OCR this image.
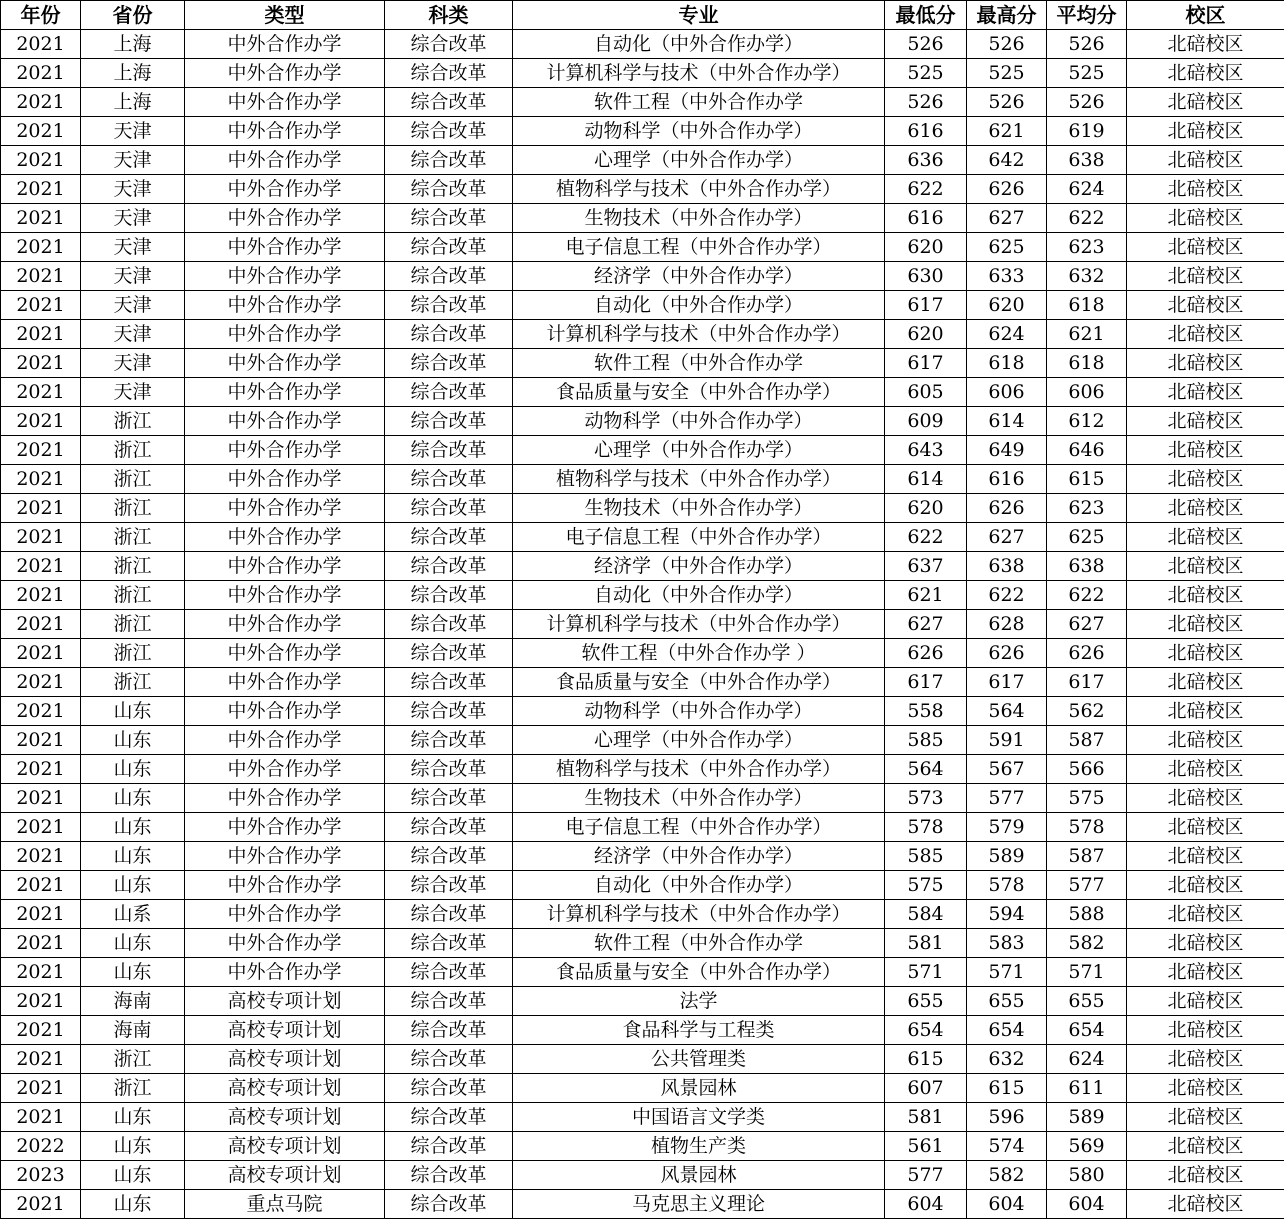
年份	省份	类型	科类	专业	最低分	最高分	平均分	校区
2021	上海	中外合作办学	综合改革	自动化（中外合作办学）	526	526	526	北碚校区
2021	上海	中外合作办学	综合改革	计算机科学与技术（中外合作办学）	525	525	525	北碚校区
2021	上海	中外合作办学	综合改革	软件工程（中外合作办学	526	526	526	北碚校区
2021	天津	中外合作办学	综合改革	动物科学（中外合作办学）	616	621	619	北碚校区
2021	天津	中外合作办学	综合改革	心理学（中外合作办学）	636	642	638	北碚校区
2021	天津	中外合作办学	综合改革	植物科学与技术（中外合作办学）	622	626	624	北碚校区
2021	天津	中外合作办学	综合改革	生物技术（中外合作办学）	616	627	622	北碚校区
2021	天津	中外合作办学	综合改革	电子信息工程（中外合作办学）	620	625	623	北碚校区
2021	天津	中外合作办学	综合改革	经济学（中外合作办学）	630	633	632	北碚校区
2021	天津	中外合作办学	综合改革	自动化（中外合作办学）	617	620	618	北碚校区
2021	天津	中外合作办学	综合改革	计算机科学与技术（中外合作办学）	620	624	621	北碚校区
2021	天津	中外合作办学	综合改革	软件工程（中外合作办学	617	618	618	北碚校区
2021	天津	中外合作办学	综合改革	食品质量与安全（中外合作办学）	605	606	606	北碚校区
2021	浙江	中外合作办学	综合改革	动物科学（中外合作办学）	609	614	612	北碚校区
2021	浙江	中外合作办学	综合改革	心理学（中外合作办学）	643	649	646	北碚校区
2021	浙江	中外合作办学	综合改革	植物科学与技术（中外合作办学）	614	616	615	北碚校区
2021	浙江	中外合作办学	综合改革	生物技术（中外合作办学）	620	626	623	北碚校区
2021	浙江	中外合作办学	综合改革	电子信息工程（中外合作办学）	622	627	625	北碚校区
2021	浙江	中外合作办学	综合改革	经济学（中外合作办学）	637	638	638	北碚校区
2021	浙江	中外合作办学	综合改革	自动化（中外合作办学）	621	622	622	北碚校区
2021	浙江	中外合作办学	综合改革	计算机科学与技术（中外合作办学）	627	628	627	北碚校区
2021	浙江	中外合作办学	综合改革	软件工程（中外合作办学 ）	626	626	626	北碚校区
2021	浙江	中外合作办学	综合改革	食品质量与安全（中外合作办学）	617	617	617	北碚校区
2021	山东	中外合作办学	综合改革	动物科学（中外合作办学）	558	564	562	北碚校区
2021	山东	中外合作办学	综合改革	心理学（中外合作办学）	585	591	587	北碚校区
2021	山东	中外合作办学	综合改革	植物科学与技术（中外合作办学）	564	567	566	北碚校区
2021	山东	中外合作办学	综合改革	生物技术（中外合作办学）	573	577	575	北碚校区
2021	山东	中外合作办学	综合改革	电子信息工程（中外合作办学）	578	579	578	北碚校区
2021	山东	中外合作办学	综合改革	经济学（中外合作办学）	585	589	587	北碚校区
2021	山东	中外合作办学	综合改革	自动化（中外合作办学）	575	578	577	北碚校区
2021	山系	中外合作办学	综合改革	计算机科学与技术（中外合作办学）	584	594	588	北碚校区
2021	山东	中外合作办学	综合改革	软件工程（中外合作办学	581	583	582	北碚校区
2021	山东	中外合作办学	综合改革	食品质量与安全（中外合作办学）	571	571	571	北碚校区
2021	海南	高校专项计划	综合改革	法学	655	655	655	北碚校区
2021	海南	高校专项计划	综合改革	食品科学与工程类	654	654	654	北碚校区
2021	浙江	高校专项计划	综合改革	公共管理类	615	632	624	北碚校区
2021	浙江	高校专项计划	综合改革	风景园林	607	615	611	北碚校区
2021	山东	高校专项计划	综合改革	中国语言文学类	581	596	589	北碚校区
2022	山东	高校专项计划	综合改革	植物生产类	561	574	569	北碚校区
2023	山东	高校专项计划	综合改革	风景园林	577	582	580	北碚校区
2021	山东	重点马院	综合改革	马克思主义理论	604	604	604	北碚校区
